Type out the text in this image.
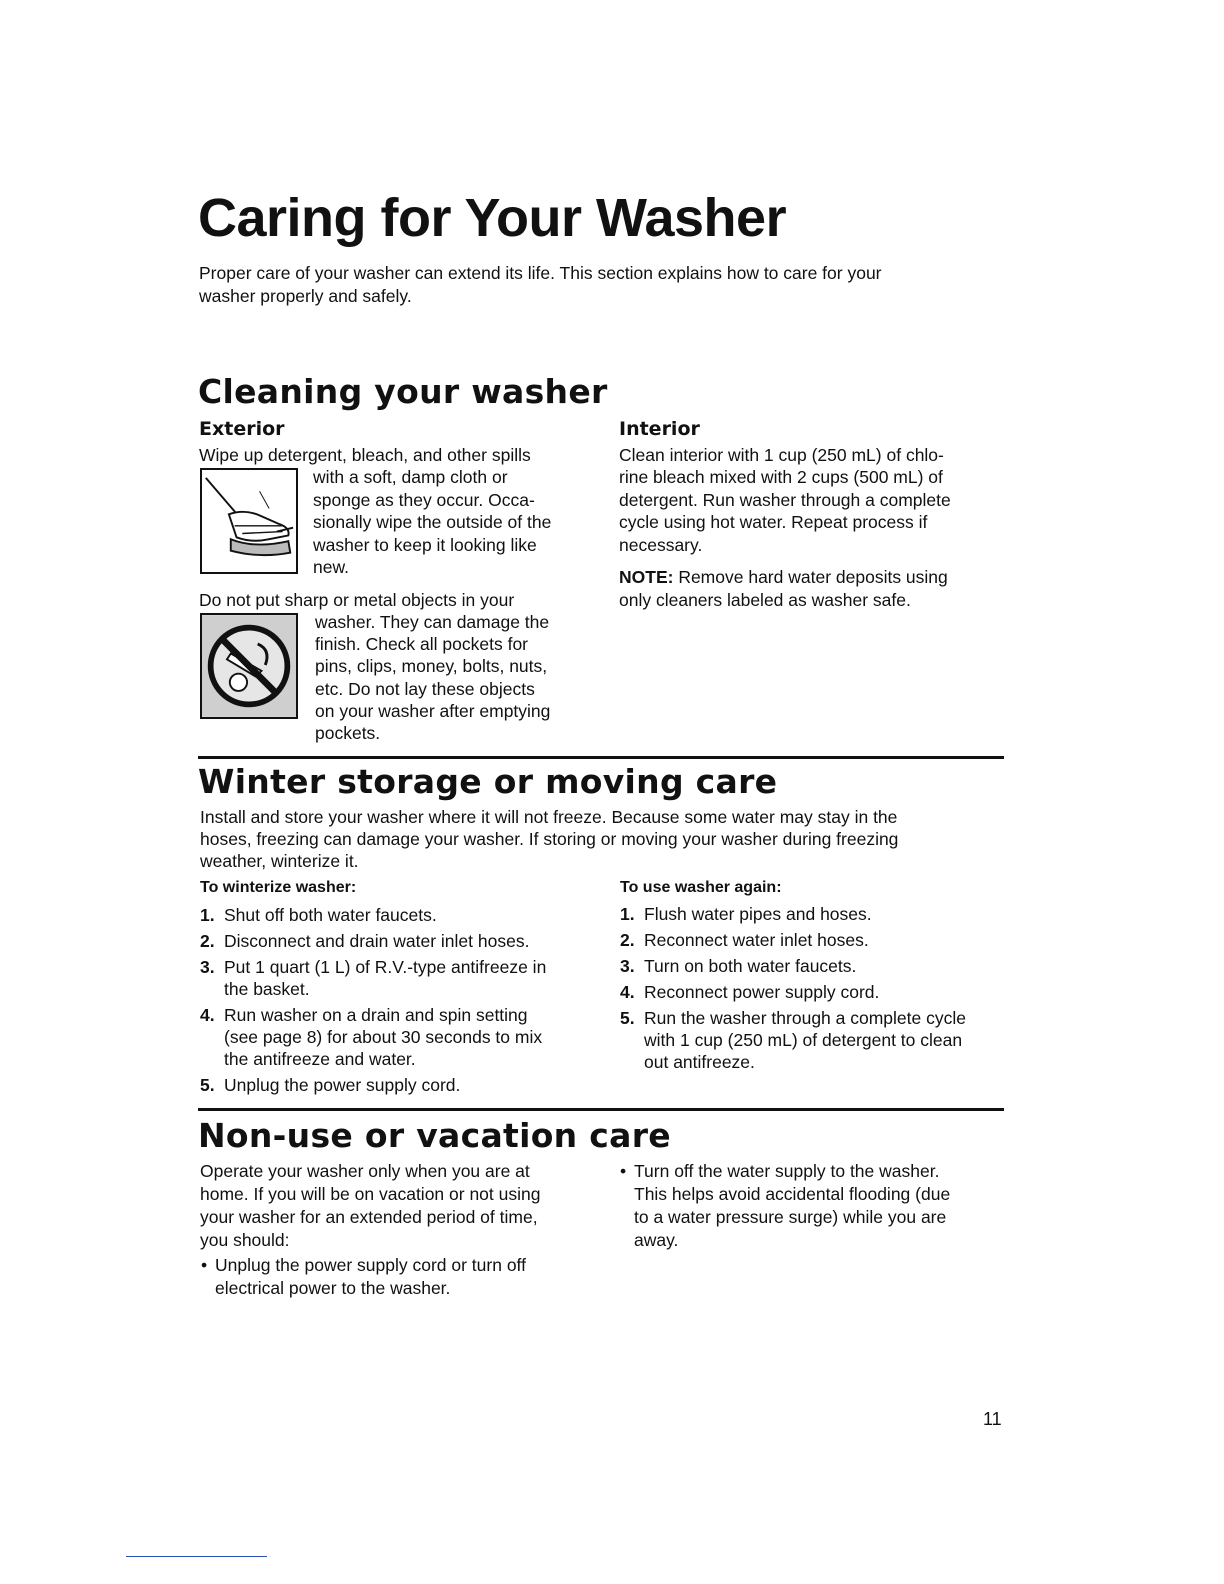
Caring for Your Washer
Proper care of your washer can extend its life. This section explains how to care for your
washer properly and safely.
Cleaning your washer
Exterior
Wipe up detergent, bleach, and other spills
with a soft, damp cloth or
sponge as they occur. Occa-
sionally wipe the outside of the
washer to keep it looking like
new.
Do not put sharp or metal objects in your
washer. They can damage the
finish. Check all pockets for
pins, clips, money, bolts, nuts,
etc. Do not lay these objects
on your washer after emptying
pockets.
Interior
Clean interior with 1 cup (250 mL) of chlo-
rine bleach mixed with 2 cups (500 mL) of
detergent. Run washer through a complete
cycle using hot water. Repeat process if
necessary.
NOTE: Remove hard water deposits using
only cleaners labeled as washer safe.
Winter storage or moving care
Install and store your washer where it will not freeze. Because some water may stay in the
hoses, freezing can damage your washer. If storing or moving your washer during freezing
weather, winterize it.
To winterize washer:
1. Shut off both water faucets.
2. Disconnect and drain water inlet hoses.
3. Put 1 quart (1 L) of R.V.-type antifreeze in
the basket.
4. Run washer on a drain and spin setting
(see page 8) for about 30 seconds to mix
the antifreeze and water.
5. Unplug the power supply cord.
To use washer again:
1. Flush water pipes and hoses.
2. Reconnect water inlet hoses.
3. Turn on both water faucets.
4. Reconnect power supply cord.
5. Run the washer through a complete cycle
with 1 cup (250 mL) of detergent to clean
out antifreeze.
Non-use or vacation care
Operate your washer only when you are at
home. If you will be on vacation or not using
your washer for an extended period of time,
you should:
• Unplug the power supply cord or turn off
electrical power to the washer.
• Turn off the water supply to the washer.
This helps avoid accidental flooding (due
to a water pressure surge) while you are
away.
11
